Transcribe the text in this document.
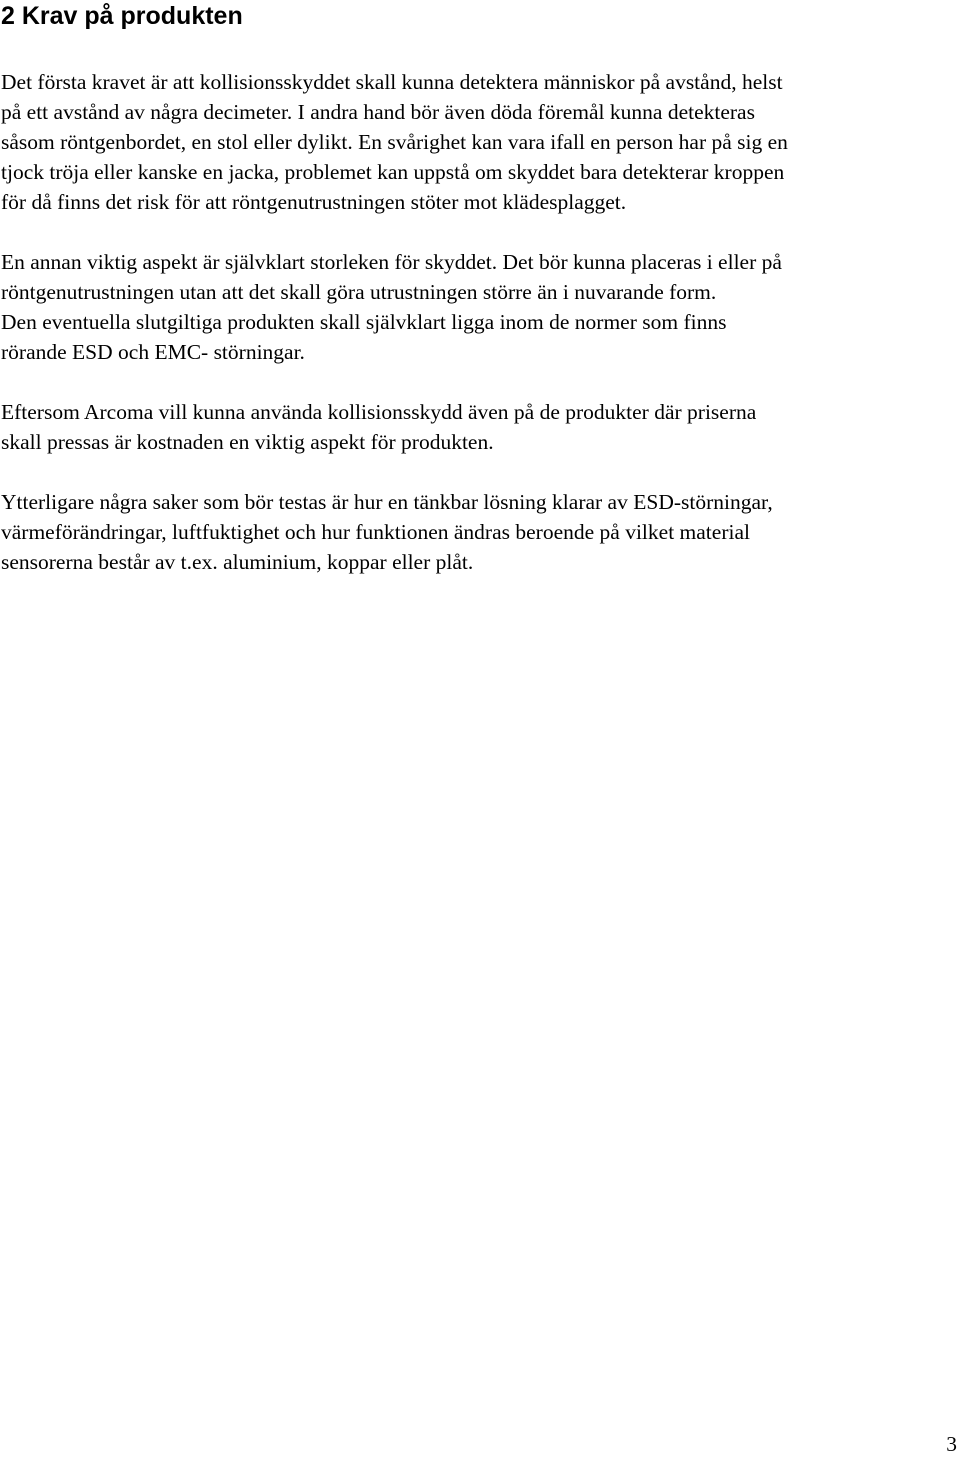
2 Krav på produkten

Det första kravet är att kollisionsskyddet skall kunna detektera människor på avstånd, helst
på ett avstånd av några decimeter. I andra hand bör även döda föremål kunna detekteras
såsom röntgenbordet, en stol eller dylikt. En svårighet kan vara ifall en person har på sig en
tjock tröja eller kanske en jacka, problemet kan uppstå om skyddet bara detekterar kroppen
för då finns det risk för att röntgenutrustningen stöter mot klädesplagget.

En annan viktig aspekt är självklart storleken för skyddet. Det bör kunna placeras i eller på
röntgenutrustningen utan att det skall göra utrustningen större än i nuvarande form.
Den eventuella slutgiltiga produkten skall självklart ligga inom de normer som finns
rörande ESD och EMC- störningar.

Eftersom Arcoma vill kunna använda kollisionsskydd även på de produkter där priserna
skall pressas är kostnaden en viktig aspekt för produkten.

Ytterligare några saker som bör testas är hur en tänkbar lösning klarar av ESD-störningar,
värmeförändringar, luftfuktighet och hur funktionen ändras beroende på vilket material
sensorerna består av t.ex. aluminium, koppar eller plåt.

3
